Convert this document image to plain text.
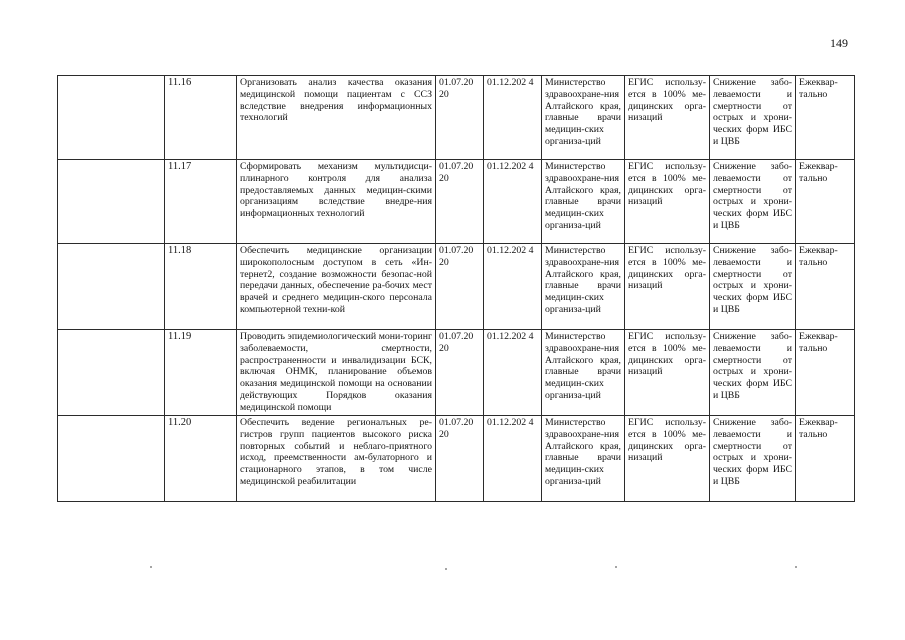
149
	11.16	Организовать анализ качества оказания медицинской помощи пациентам с ССЗ вследствие внедрения информационных технологий	01.07.20 20	01.12.202 4	Министерство здравоохране-ния Алтайского края, главные врачи медицин-ских организа-ций	ЕГИС использу-ется в 100% ме-дицинских орга-низаций	Снижение забо-леваемости и смертности от острых и хрони-ческих форм ИБС и ЦВБ	Ежеквар-тально
	11.17	Сформировать механизм мультидисци-плинарного контроля для анализа предоставляемых данных медицин-скими организациям вследствие внедре-ния информационных технологий	01.07.20 20	01.12.202 4	Министерство здравоохране-ния Алтайского края, главные врачи медицин-ских организа-ций	ЕГИС использу-ется в 100% ме-дицинских орга-низаций	Снижение забо-леваемости от смертности от острых и хрони-ческих форм ИБС и ЦВБ	Ежеквар-тально
	11.18	Обеспечить медицинские организации широкополосным доступом в сеть «Ин-тернет2, создание возможности безопас-ной передачи данных, обеспечение ра-бочих мест врачей и среднего медицин-ского персонала компьютерной техни-кой	01.07.20 20	01.12.202 4	Министерство здравоохране-ния Алтайского края, главные врачи медицин-ских организа-ций	ЕГИС использу-ется в 100% ме-дицинских орга-низаций	Снижение забо-леваемости и смертности от острых и хрони-ческих форм ИБС и ЦВБ	Ежеквар-тально
	11.19	Проводить эпидемиологический мони-торинг заболеваемости, смертности, распространенности и инвалидизации БСК, включая ОНМК, планирование объемов оказания медицинской помощи на основании действующих Порядков оказания медицинской помощи	01.07.20 20	01.12.202 4	Министерство здравоохране-ния Алтайского края, главные врачи медицин-ских организа-ций	ЕГИС использу-ется в 100% ме-дицинских орга-низаций	Снижение забо-леваемости и смертности от острых и хрони-ческих форм ИБС и ЦВБ	Ежеквар-тально
	11.20	Обеспечить ведение регионалъных ре-гистров групп пациентов высокого риска повторных событий и неблаго-приятного исход, преемственности ам-булаторного и стационарного этапов, в том числе медицинской реабилитации	01.07.20 20	01.12.202 4	Министерство здравоохране-ния Алтайского края, главные врачи медицин-ских организа-ций	ЕГИС использу-ется в 100% ме-дицинских орга-низаций	Снижение забо-леваемости и смертности от острых и хрони-ческих форм ИБС и ЦВБ	Ежеквар-тально
